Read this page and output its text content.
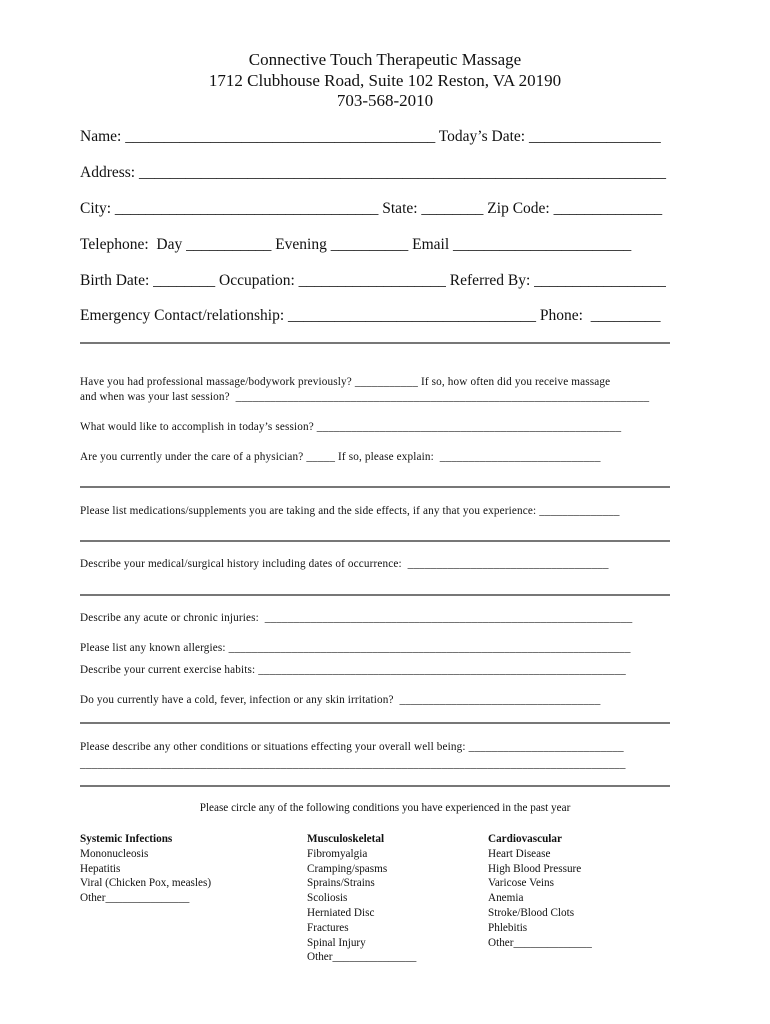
Connective Touch Therapeutic Massage
1712 Clubhouse Road, Suite 102 Reston, VA 20190
703-568-2010
Name: ________________________________________ Today’s Date: _________________
Address: ____________________________________________________________________
City: __________________________________ State: ________ Zip Code: ______________
Telephone:  Day ___________ Evening __________ Email _______________________
Birth Date: ________ Occupation: ___________________ Referred By: _________________
Emergency Contact/relationship: ________________________________ Phone:  _________
Have you had professional massage/bodywork previously? ___________ If so, how often did you receive massage
and when was your last session?  ________________________________________________________________________
What would like to accomplish in today’s session? _____________________________________________________
Are you currently under the care of a physician? _____ If so, please explain:  ____________________________
Please list medications/supplements you are taking and the side effects, if any that you experience: ______________
Describe your medical/surgical history including dates of occurrence:  ___________________________________
Describe any acute or chronic injuries:  ________________________________________________________________
Please list any known allergies: ______________________________________________________________________
Describe your current exercise habits: ________________________________________________________________
Do you currently have a cold, fever, infection or any skin irritation?  ___________________________________
Please describe any other conditions or situations effecting your overall well being: ___________________________
_______________________________________________________________________________________________
Please circle any of the following conditions you have experienced in the past year
Systemic Infections
Mononucleosis
Hepatitis
Viral (Chicken Pox, measles)
Other_______________
Musculoskeletal
Fibromyalgia
Cramping/spasms
Sprains/Strains
Scoliosis
Herniated Disc
Fractures
Spinal Injury
Other_______________
Cardiovascular
Heart Disease
High Blood Pressure
Varicose Veins
Anemia
Stroke/Blood Clots
Phlebitis
Other______________
